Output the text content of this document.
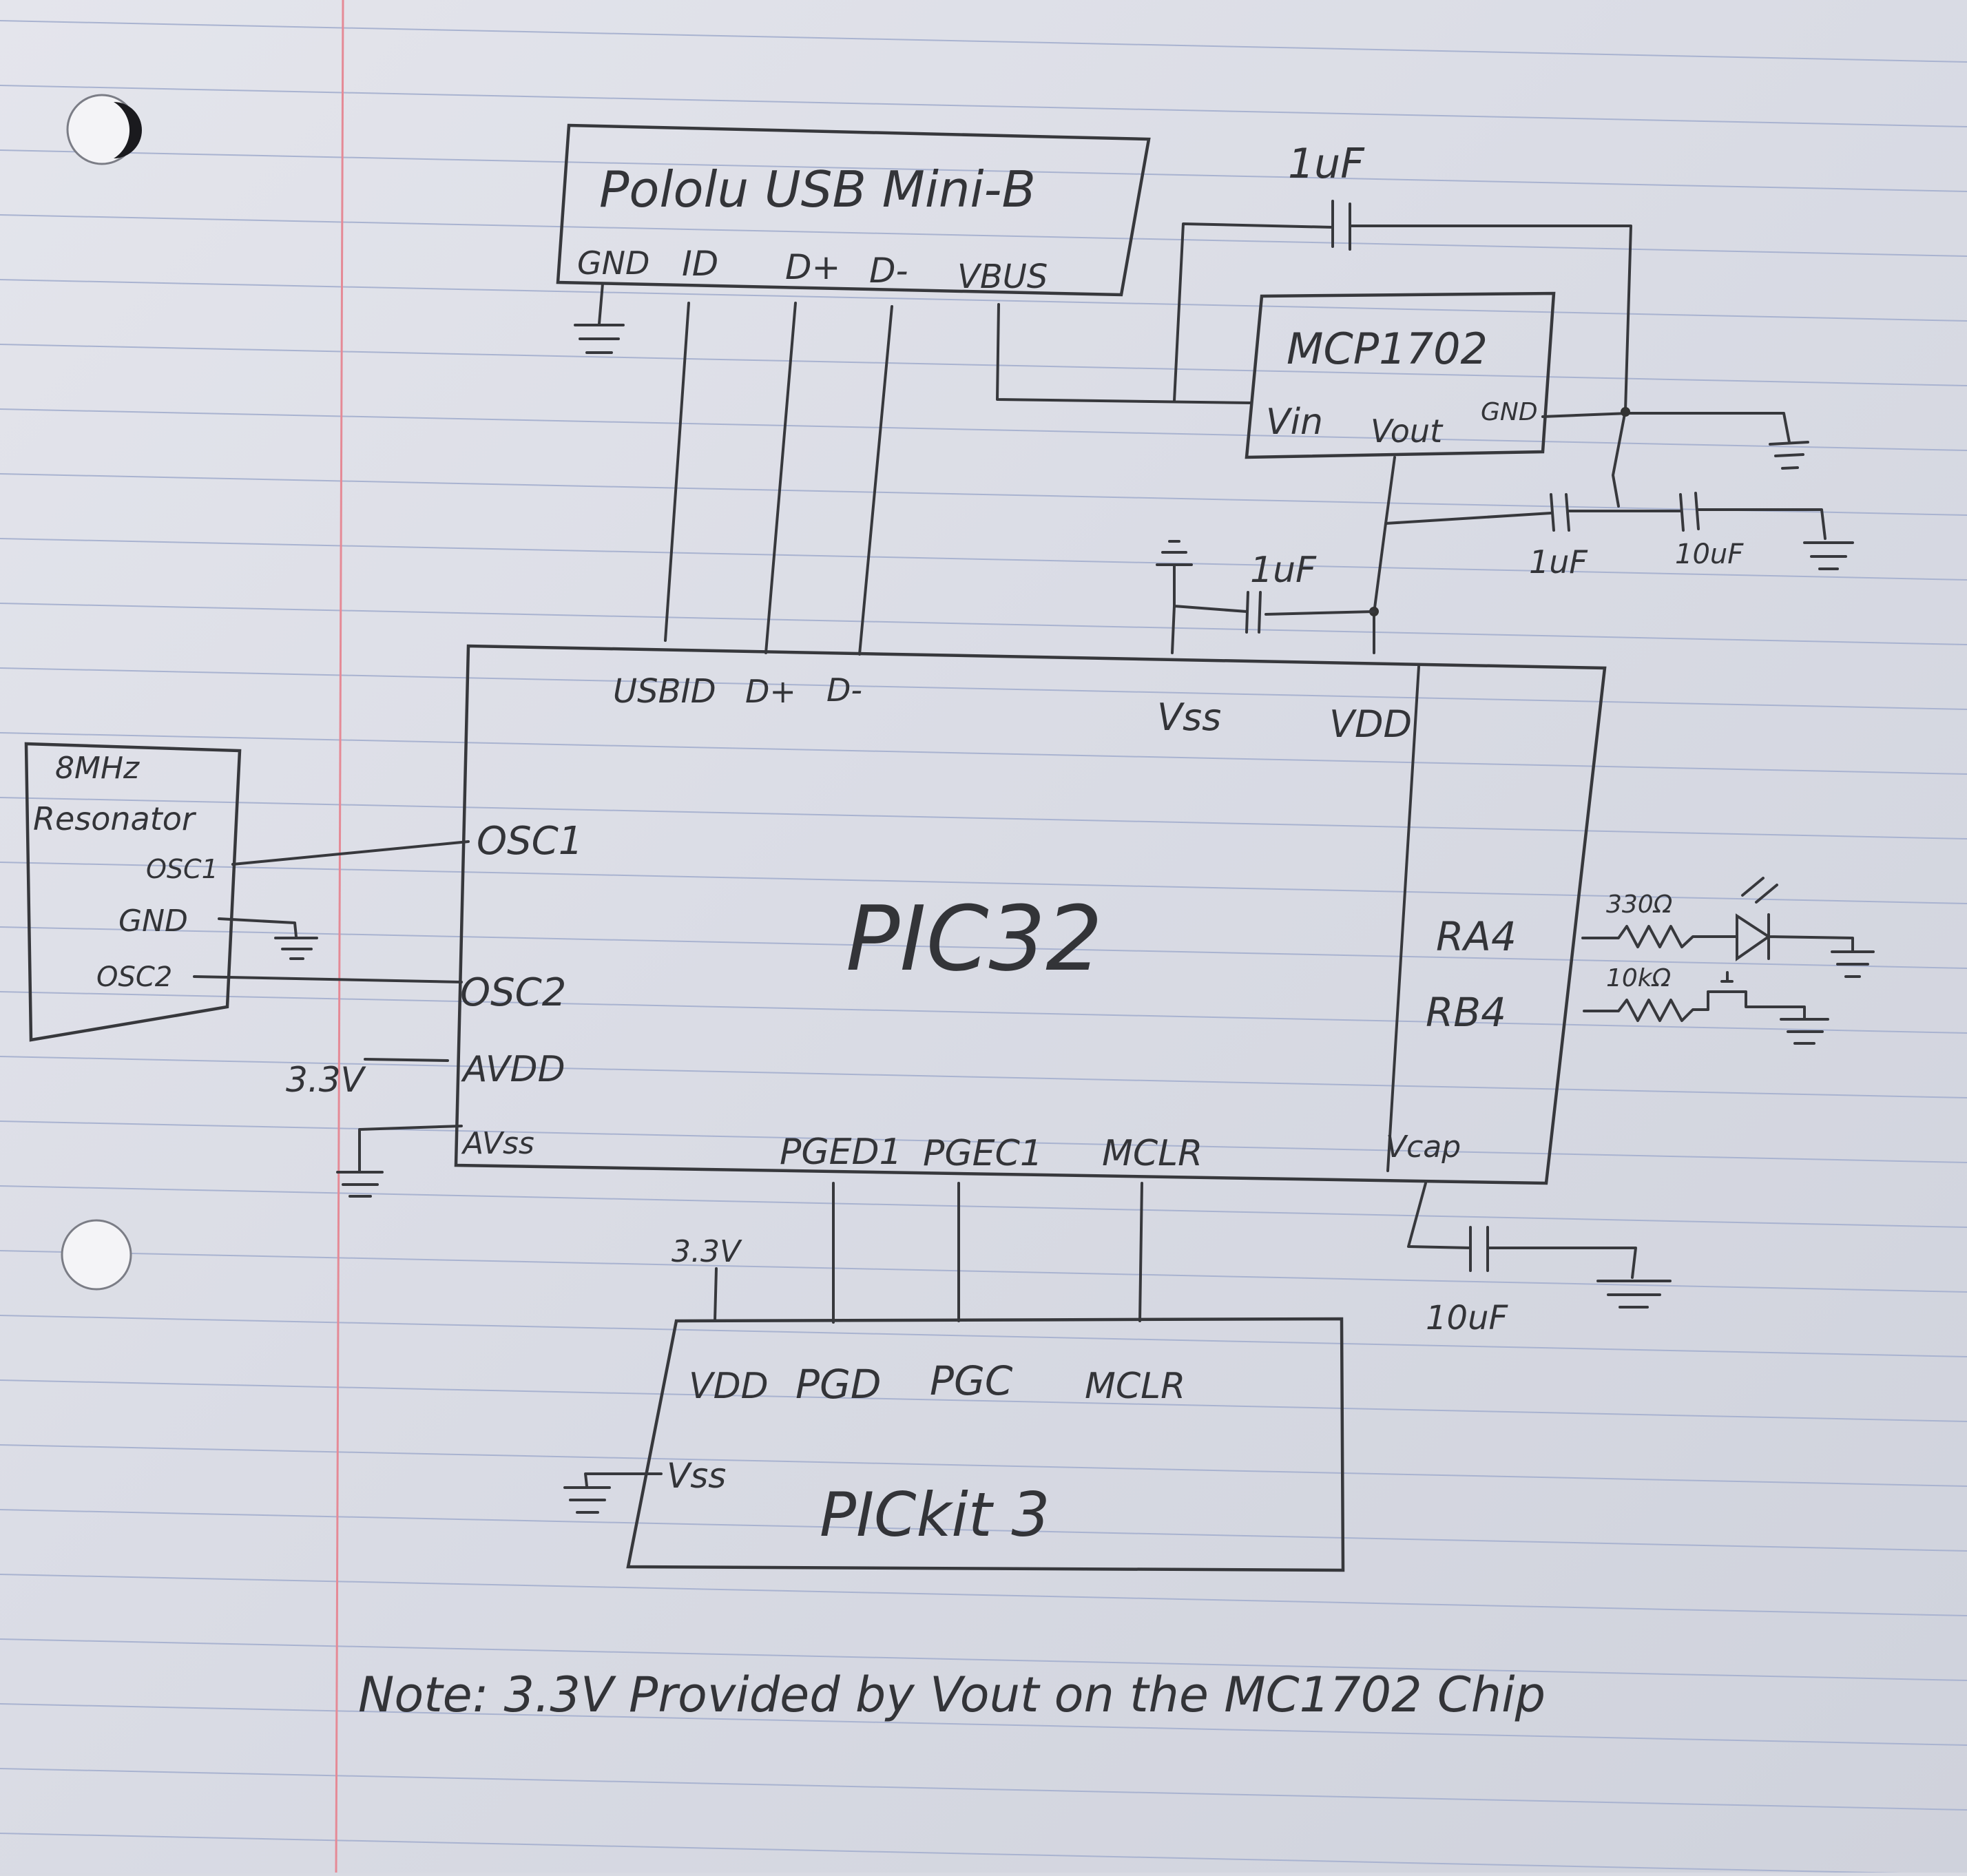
Pololu USB Mini-B
GND ID D+ D- VBUS
MCP1702
Vin Vout
GND
1uF
1uF	10uF
1uF
PIC32
USBID D+ D-
Vss	VDD
OSC1
OSC2
AVDD
AVss
RA4
RB4
PGED1 PGEC1 MCLR	Vcap
8MHz
Resonator
OSC1
GND
OSC2
3.3V
330Ω
10kΩ
10uF
3.3V
PICkit 3
VDD PGD PGC MCLR
Vss
Note: 3.3V Provided by Vout on the MC1702 Chip
